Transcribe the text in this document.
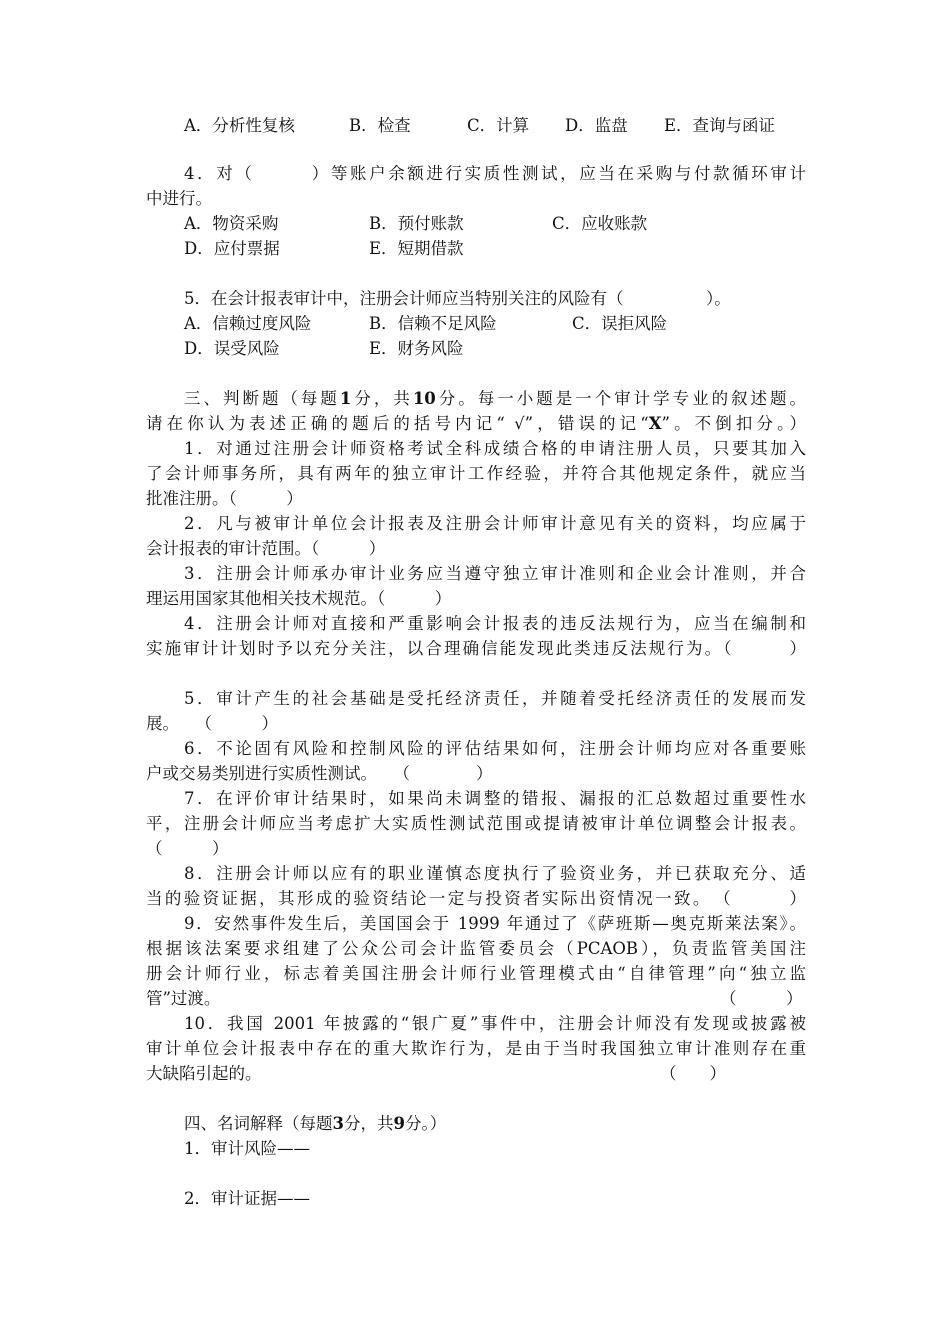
A．分析性复核	B．检查	C．计算 D．监盘 E．查询与函证
4．对（　　　）等账户余额进行实质性测试，应当在采购与付款循环审计
中进行。
A．物资采购	B．预付账款	C．应收账款
D．应付票据	E．短期借款
5．在会计报表审计中，注册会计师应当特别关注的风险有（　　　　　）。
A．信赖过度风险	B．信赖不足风险	C．误拒风险
D．误受风险	E．财务风险
三、判断题（每题1分，共10分。每一小题是一个审计学专业的叙述题。
请在你认为表述正确的题后的括号内记“ √”，错误的记“X”。不倒扣分。）
1．对通过注册会计师资格考试全科成绩合格的申请注册人员，只要其加入
了会计师事务所，具有两年的独立审计工作经验，并符合其他规定条件，就应当
批准注册。（　　　）
2．凡与被审计单位会计报表及注册会计师审计意见有关的资料，均应属于
会计报表的审计范围。（　　　）
3．注册会计师承办审计业务应当遵守独立审计准则和企业会计准则，并合
理运用国家其他相关技术规范。（　　　）
4．注册会计师对直接和严重影响会计报表的违反法规行为，应当在编制和
实施审计计划时予以充分关注，以合理确信能发现此类违反法规行为。（　　　）
5．审计产生的社会基础是受托经济责任，并随着受托经济责任的发展而发
展。　　（　　　）
6．不论固有风险和控制风险的评估结果如何，注册会计师均应对各重要账
户或交易类别进行实质性测试。　　（　　　　）
7．在评价审计结果时，如果尚未调整的错报、漏报的汇总数超过重要性水
平，注册会计师应当考虑扩大实质性测试范围或提请被审计单位调整会计报表。
（　　　）
8．注册会计师以应有的职业谨慎态度执行了验资业务，并已获取充分、适
当的验资证据，其形成的验资结论一定与投资者实际出资情况一致。　（　　　）
9．安然事件发生后，美国国会于 1999 年通过了《萨班斯—奥克斯莱法案》。
根据该法案要求组建了公众公司会计监管委员会（PCAOB），负责监管美国注
册会计师行业，标志着美国注册会计师行业管理模式由“自律管理”向“独立监
管”过渡。	（　　　）
10．我国 2001 年披露的“银广夏”事件中，注册会计师没有发现或披露被
审计单位会计报表中存在的重大欺诈行为，是由于当时我国独立审计准则存在重
大缺陷引起的。	（　　）
四、名词解释（每题3分，共9分。）
1．审计风险——
2．审计证据——
